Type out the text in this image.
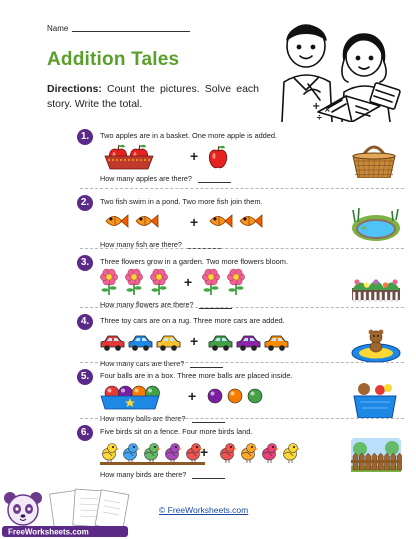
Name
Addition Tales
Directions: Count the pictures. Solve each story. Write the total.	+ ×
÷
1.	Two apples are in a basket. One more apple is added.
+
How many apples are there?
2.	Two fish swim in a pond. Two more fish join them.
+
How many fish are there?
3.	Three flowers grow in a garden. Two more flowers bloom.
+
How many flowers are there?
4.	Three toy cars are on a rug. Three more cars are added.
+
How many cars are there?
5.	Four balls are in a box. Three more balls are placed inside.
+
How many balls are there?
6.	Five birds sit on a fence. Four more birds land.
+
How many birds are there?
© FreeWorksheets.com
FreeWorksheets.com
